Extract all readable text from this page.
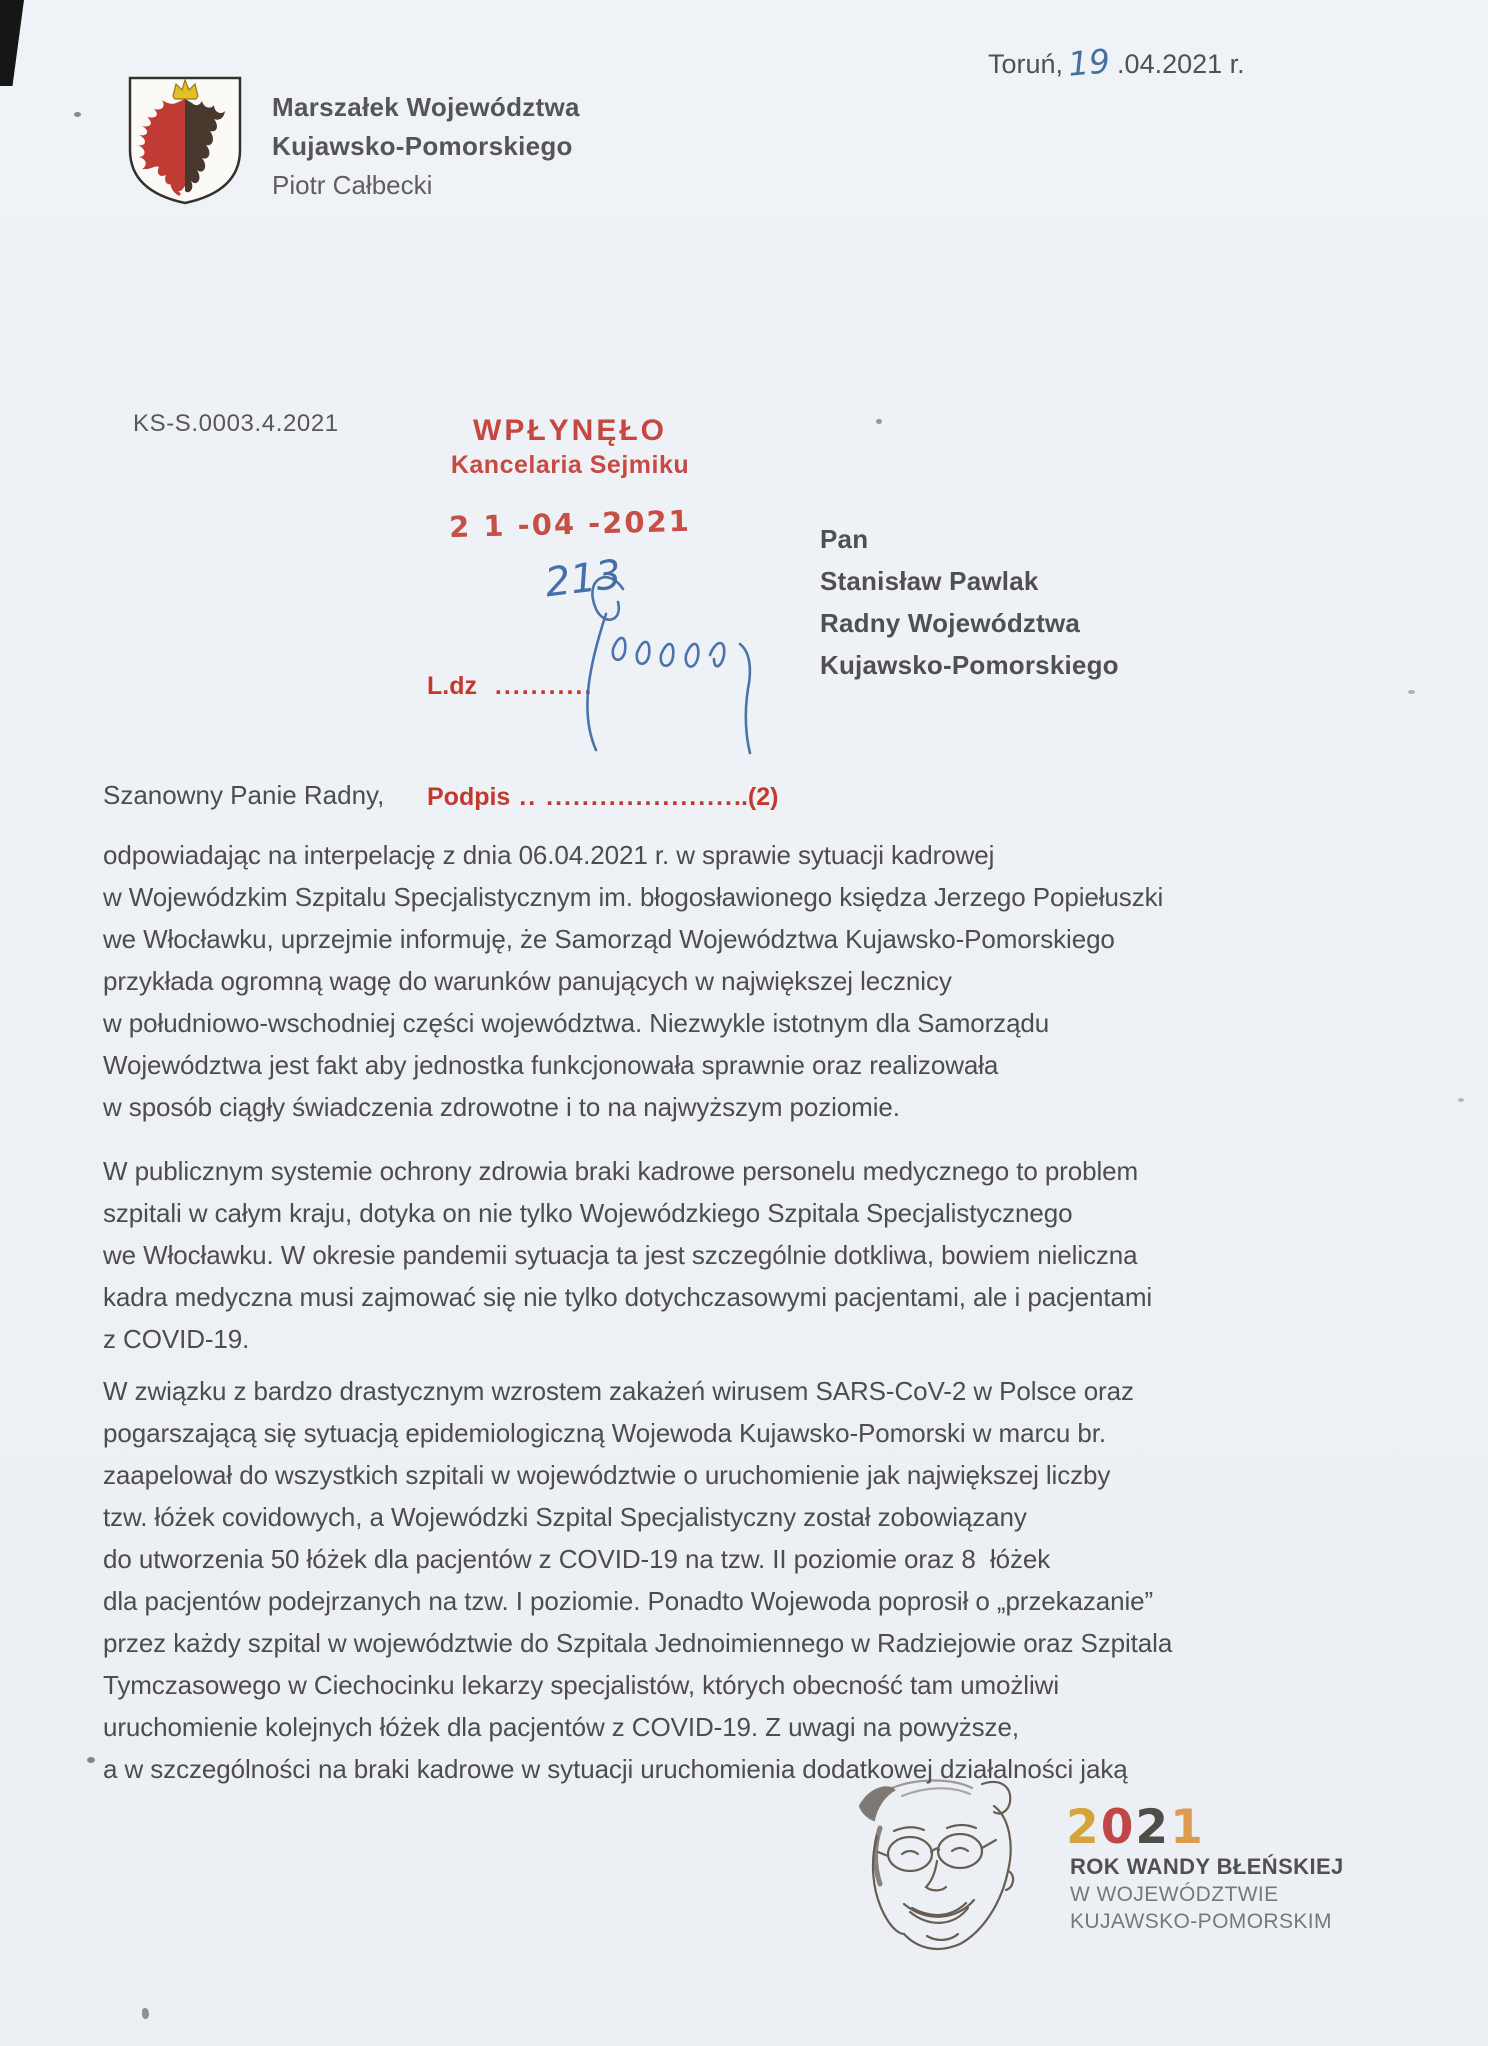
Toruń, 19 .04.2021 r.
Marszałek Województwa
Kujawsko-Pomorskiego
Piotr Całbecki
KS-S.0003.4.2021	WPŁYNĘŁO
Kancelaria Sejmiku
2 1 -04 -2021

L.dz  ...........

Podpis .. .......................(2)

213
Pan
Stanisław Pawlak
Radny Województwa
Kujawsko-Pomorskiego
Szanowny Panie Radny,
odpowiadając na interpelację z dnia 06.04.2021 r. w sprawie sytuacji kadrowej
w Wojewódzkim Szpitalu Specjalistycznym im. błogosławionego księdza Jerzego Popiełuszki
we Włocławku, uprzejmie informuję, że Samorząd Województwa Kujawsko-Pomorskiego
przykłada ogromną wagę do warunków panujących w największej lecznicy
w południowo-wschodniej części województwa. Niezwykle istotnym dla Samorządu
Województwa jest fakt aby jednostka funkcjonowała sprawnie oraz realizowała
w sposób ciągły świadczenia zdrowotne i to na najwyższym poziomie.
W publicznym systemie ochrony zdrowia braki kadrowe personelu medycznego to problem
szpitali w całym kraju, dotyka on nie tylko Wojewódzkiego Szpitala Specjalistycznego
we Włocławku. W okresie pandemii sytuacja ta jest szczególnie dotkliwa, bowiem nieliczna
kadra medyczna musi zajmować się nie tylko dotychczasowymi pacjentami, ale i pacjentami
z COVID-19.
W związku z bardzo drastycznym wzrostem zakażeń wirusem SARS-CoV-2 w Polsce oraz
pogarszającą się sytuacją epidemiologiczną Wojewoda Kujawsko-Pomorski w marcu br.
zaapelował do wszystkich szpitali w województwie o uruchomienie jak największej liczby
tzw. łóżek covidowych, a Wojewódzki Szpital Specjalistyczny został zobowiązany
do utworzenia 50 łóżek dla pacjentów z COVID-19 na tzw. II poziomie oraz 8  łóżek
dla pacjentów podejrzanych na tzw. I poziomie. Ponadto Wojewoda poprosił o „przekazanie”
przez każdy szpital w województwie do Szpitala Jednoimiennego w Radziejowie oraz Szpitala
Tymczasowego w Ciechocinku lekarzy specjalistów, których obecność tam umożliwi
uruchomienie kolejnych łóżek dla pacjentów z COVID-19. Z uwagi na powyższe,
a w szczególności na braki kadrowe w sytuacji uruchomienia dodatkowej działalności jaką
2021
ROK WANDY BŁEŃSKIEJ
W WOJEWÓDZTWIE
KUJAWSKO-POMORSKIM
